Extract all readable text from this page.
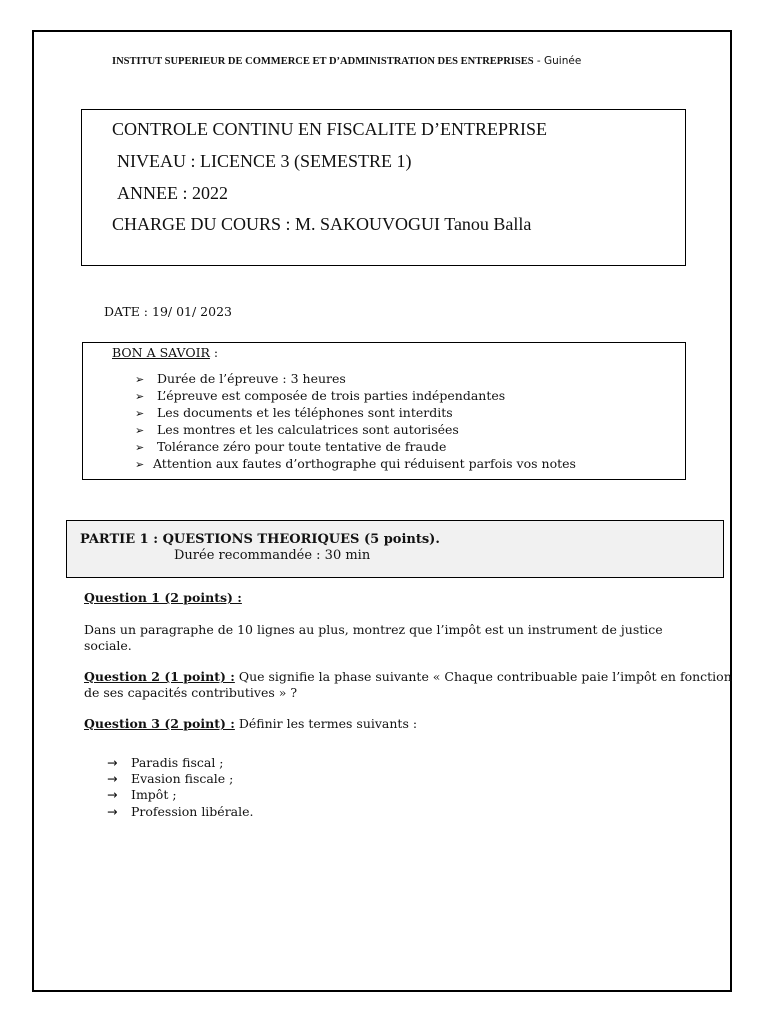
INSTITUT SUPERIEUR DE COMMERCE ET D’ADMINISTRATION DES ENTREPRISES - Guinée
CONTROLE CONTINU EN FISCALITE D’ENTREPRISE
NIVEAU : LICENCE 3 (SEMESTRE 1)
ANNEE : 2022
CHARGE DU COURS : M. SAKOUVOGUI Tanou Balla
DATE : 19/ 01/ 2023
BON A SAVOIR :
➢ Durée de l’épreuve : 3 heures
➢ L’épreuve est composée de trois parties indépendantes
➢ Les documents et les téléphones sont interdits
➢ Les montres et les calculatrices sont autorisées
➢ Tolérance zéro pour toute tentative de fraude
➢ Attention aux fautes d’orthographe qui réduisent parfois vos notes
PARTIE 1 : QUESTIONS THEORIQUES (5 points).
Durée recommandée : 30 min
Question 1 (2 points) :
Dans un paragraphe de 10 lignes au plus, montrez que l’impôt est un instrument de justice
sociale.
Question 2 (1 point) : Que signifie la phase suivante « Chaque contribuable paie l’impôt en fonction
de ses capacités contributives » ?
Question 3 (2 point) : Définir les termes suivants :
→ Paradis fiscal ;
→ Evasion fiscale ;
→ Impôt ;
→ Profession libérale.
